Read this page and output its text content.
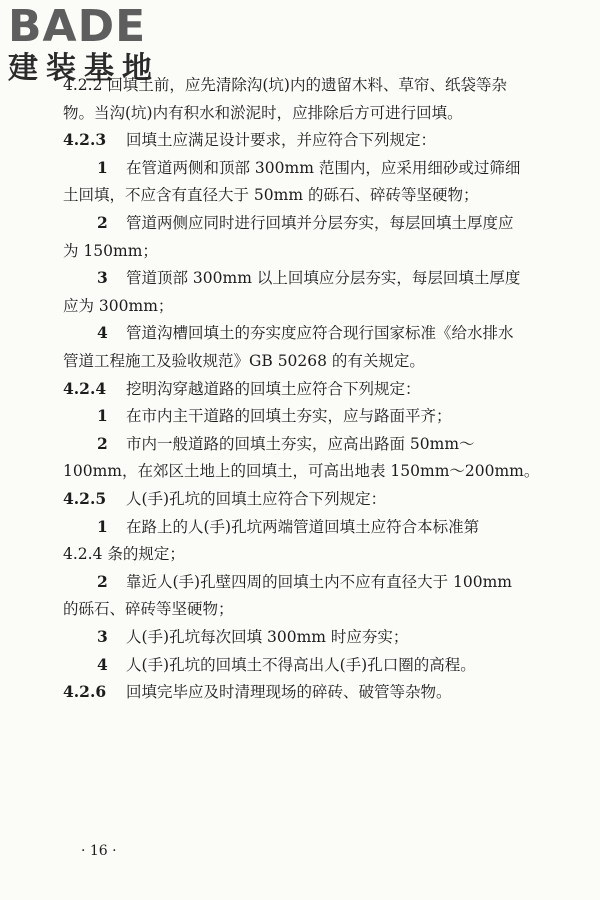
BADE
建装基地
4.2.2 回填土前，应先清除沟(坑)内的遗留木料、草帘、纸袋等杂
物。当沟(坑)内有积水和淤泥时，应排除后方可进行回填。
4.2.3 回填土应满足设计要求，并应符合下列规定：
1 在管道两侧和顶部 300mm 范围内，应采用细砂或过筛细
土回填，不应含有直径大于 50mm 的砾石、碎砖等坚硬物；
2 管道两侧应同时进行回填并分层夯实，每层回填土厚度应
为 150mm；
3 管道顶部 300mm 以上回填应分层夯实，每层回填土厚度
应为 300mm；
4 管道沟槽回填土的夯实度应符合现行国家标准《给水排水
管道工程施工及验收规范》GB 50268 的有关规定。
4.2.4 挖明沟穿越道路的回填土应符合下列规定：
1 在市内主干道路的回填土夯实，应与路面平齐；
2 市内一般道路的回填土夯实，应高出路面 50mm～
100mm，在郊区土地上的回填土，可高出地表 150mm～200mm。
4.2.5 人(手)孔坑的回填土应符合下列规定：
1 在路上的人(手)孔坑两端管道回填土应符合本标准第
4.2.4 条的规定；
2 靠近人(手)孔壁四周的回填土内不应有直径大于 100mm
的砾石、碎砖等坚硬物；
3 人(手)孔坑每次回填 300mm 时应夯实；
4 人(手)孔坑的回填土不得高出人(手)孔口圈的高程。
4.2.6 回填完毕应及时清理现场的碎砖、破管等杂物。
· 16 ·
